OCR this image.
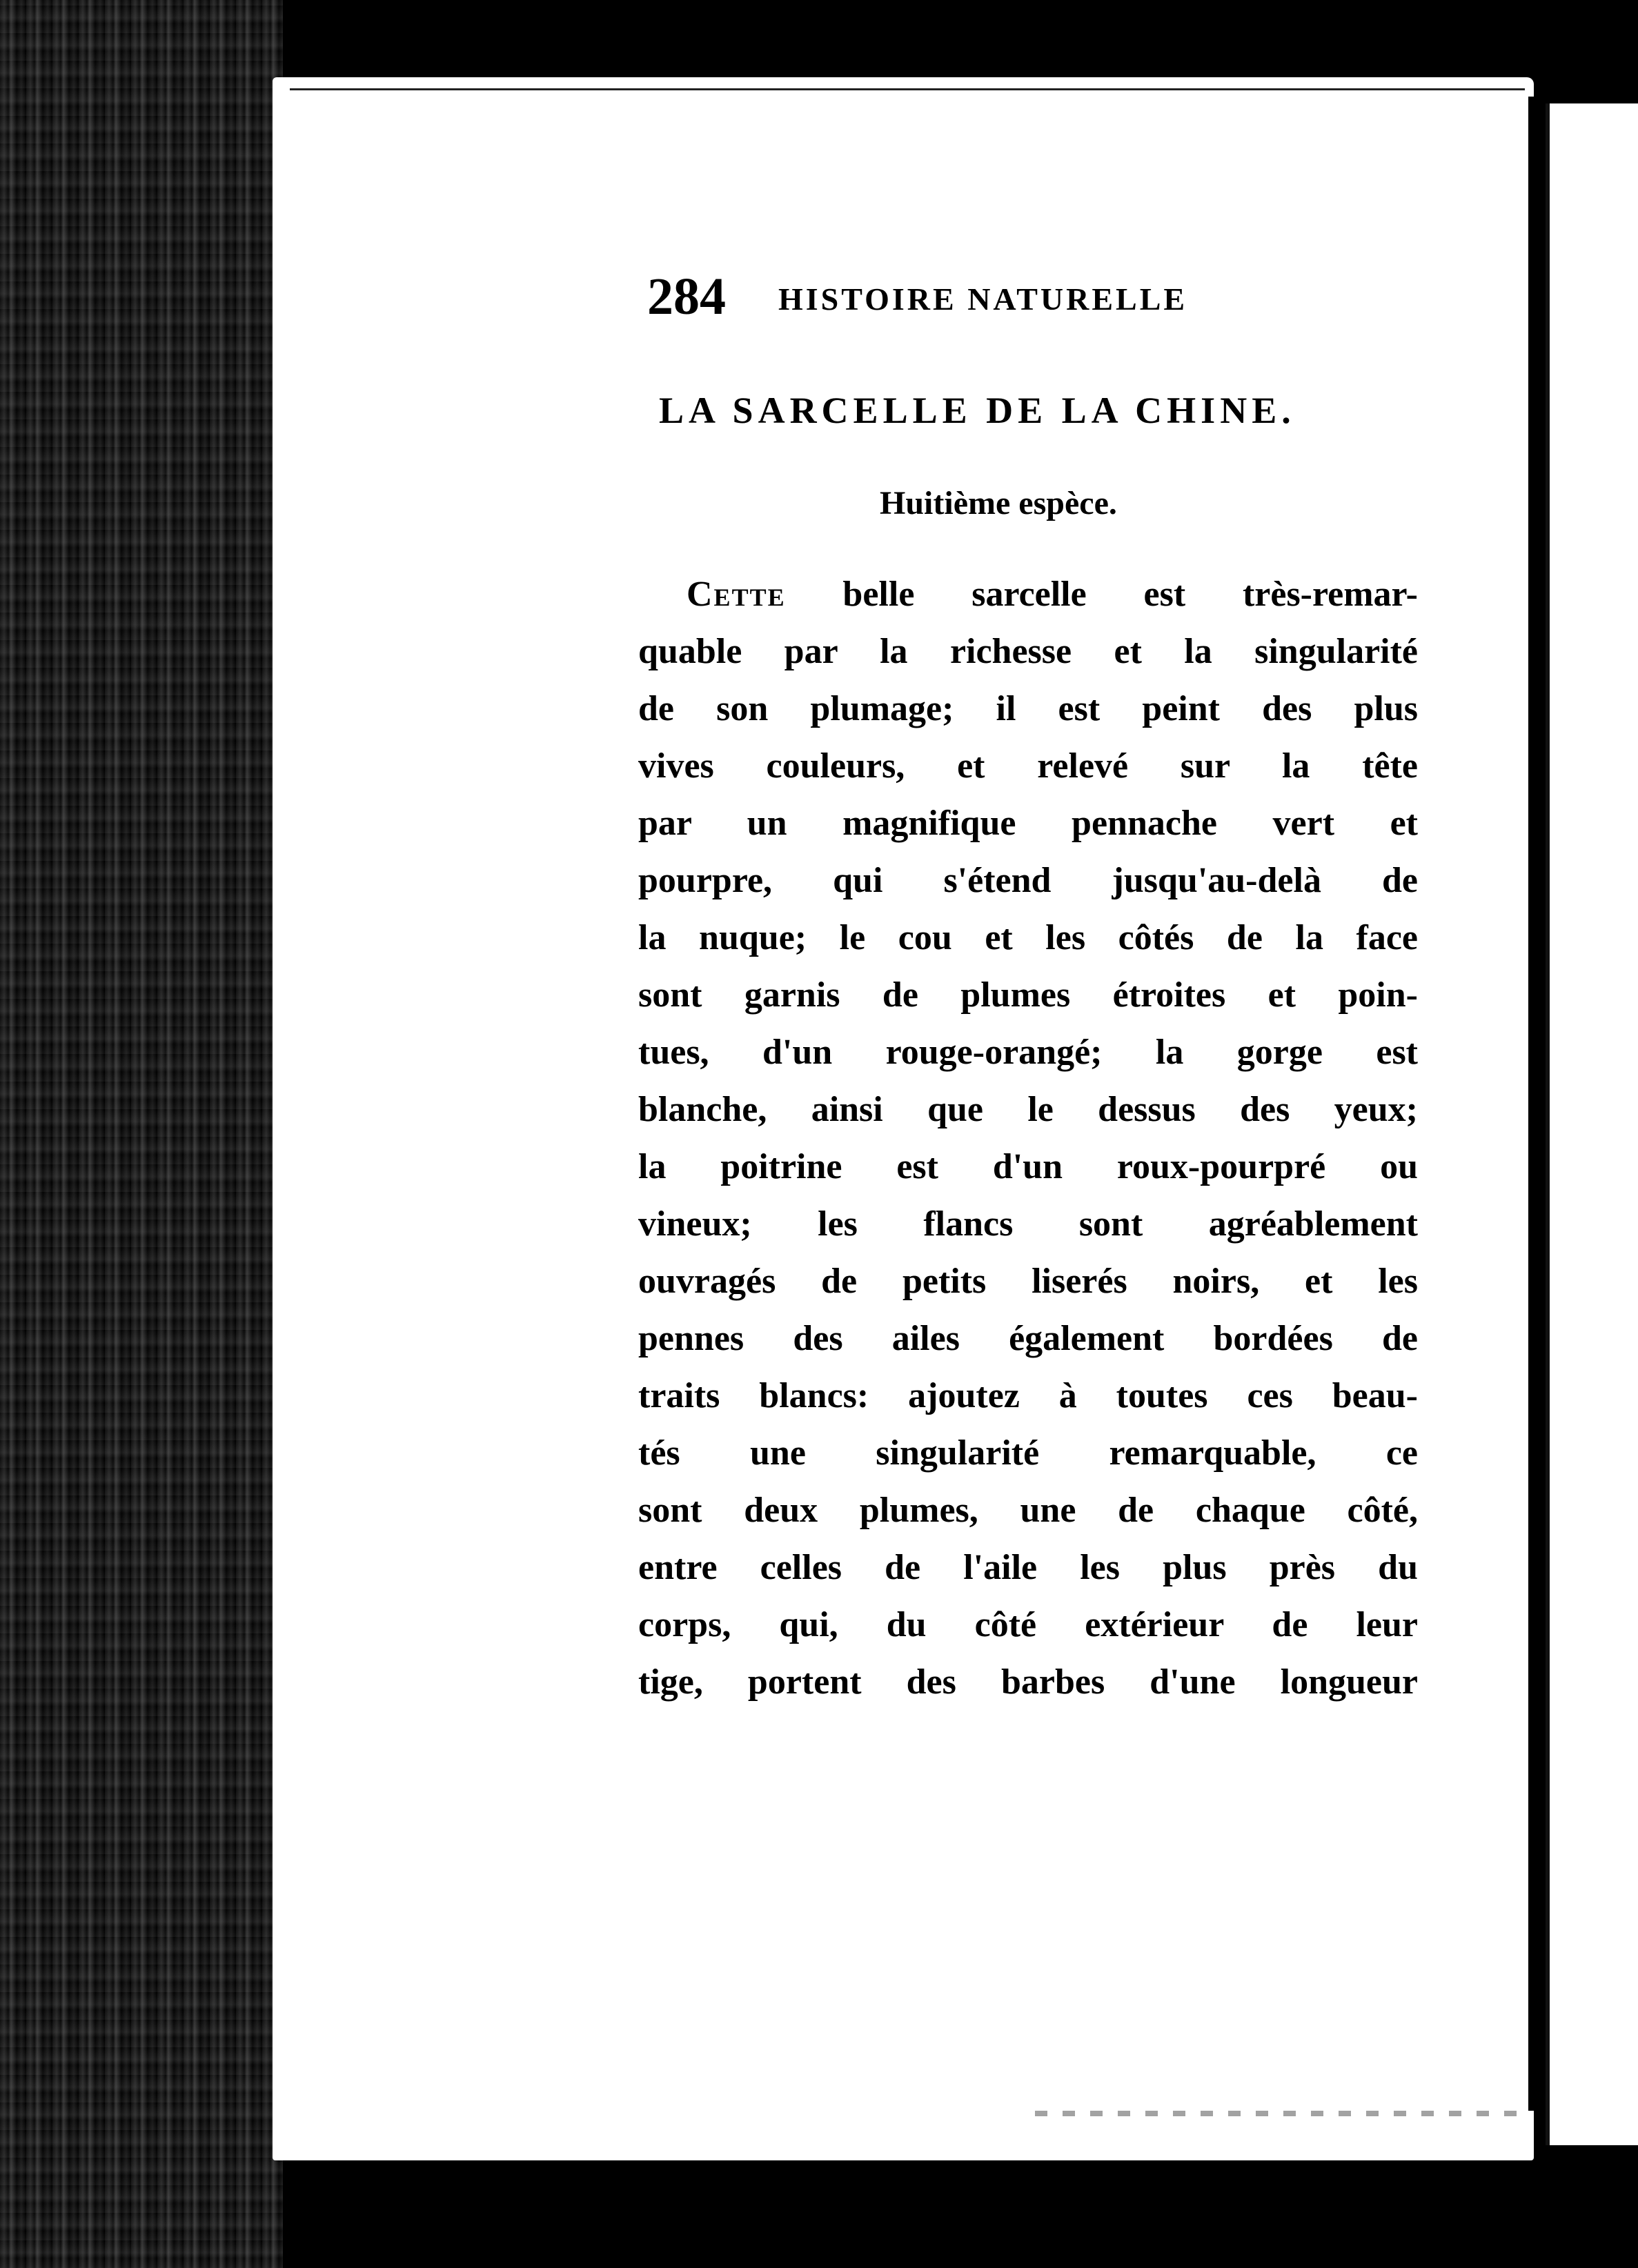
284 HISTOIRE NATURELLE
LA SARCELLE DE LA CHINE.
Huitième espèce.
Cette belle sarcelle est très-remar-
quable par la richesse et la singularité
de son plumage; il est peint des plus
vives couleurs, et relevé sur la tête
par un magnifique pennache vert et
pourpre, qui s'étend jusqu'au-delà de
la nuque; le cou et les côtés de la face
sont garnis de plumes étroites et poin-
tues, d'un rouge-orangé; la gorge est
blanche, ainsi que le dessus des yeux;
la poitrine est d'un roux-pourpré ou
vineux; les flancs sont agréablement
ouvragés de petits liserés noirs, et les
pennes des ailes également bordées de
traits blancs: ajoutez à toutes ces beau-
tés une singularité remarquable, ce
sont deux plumes, une de chaque côté,
entre celles de l'aile les plus près du
corps, qui, du côté extérieur de leur
tige, portent des barbes d'une longueur
